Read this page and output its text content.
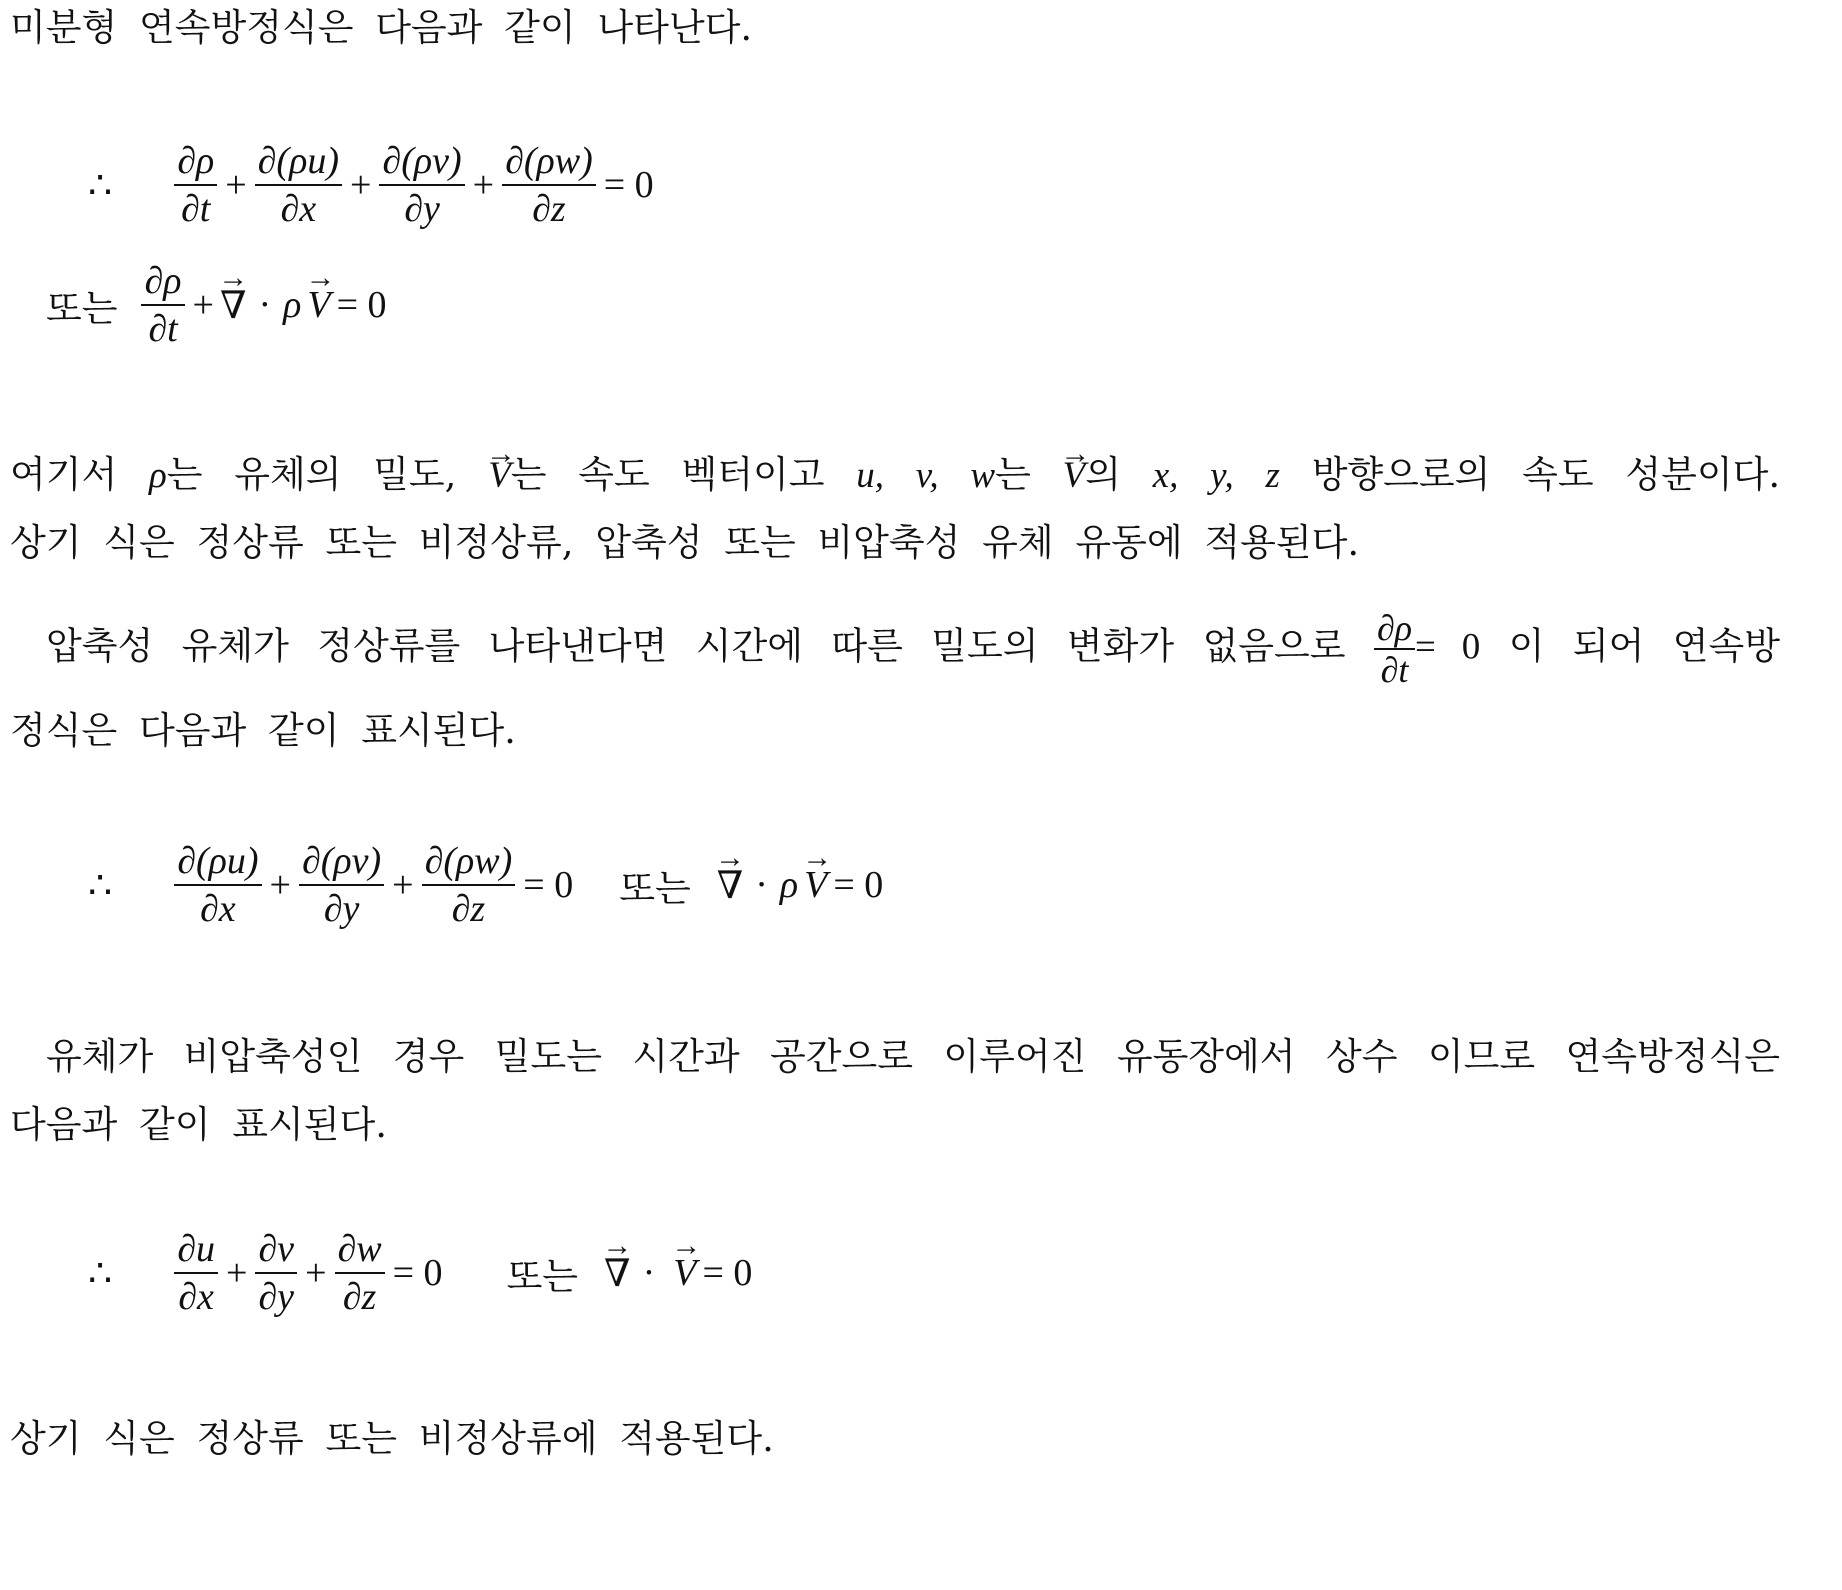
미분형 연속방정식은 다음과 같이 나타난다.

∴ $\frac{\partial\rho}{\partial t} + \frac{\partial(\rho u)}{\partial x} + \frac{\partial(\rho v)}{\partial y} + \frac{\partial(\rho w)}{\partial z} = 0$
또는 $\frac{\partial\rho}{\partial t}$ + → ∇ · ρ → V = 0

여기서 ρ는 유체의 밀도, → V는 속도 벡터이고 u, v, w는 → V의 x, y, z 방향으로의 속도 성분이다.

상기 식은 정상류 또는 비정상류, 압축성 또는 비압축성 유체 유동에 적용된다.

압축성 유체가 정상류를 나타낸다면 시간에 따른 밀도의 변화가 없음으로 $\frac{\partial\rho}{\partial t} = 0$ 이 되어 연속방

정식은 다음과 같이 표시된다.

∴ $\frac{\partial(\rho u)}{\partial x} + \frac{\partial(\rho v)}{\partial y} + \frac{\partial(\rho w)}{\partial z} = 0$ 또는 → ∇ · ρ → V = 0

유체가 비압축성인 경우 밀도는 시간과 공간으로 이루어진 유동장에서 상수 이므로 연속방정식은

다음과 같이 표시된다.

∴ $\frac{\partial u}{\partial x} + \frac{\partial v}{\partial y} + \frac{\partial w}{\partial z} = 0$ 또는 → ∇ · → V = 0

상기 식은 정상류 또는 비정상류에 적용된다.
